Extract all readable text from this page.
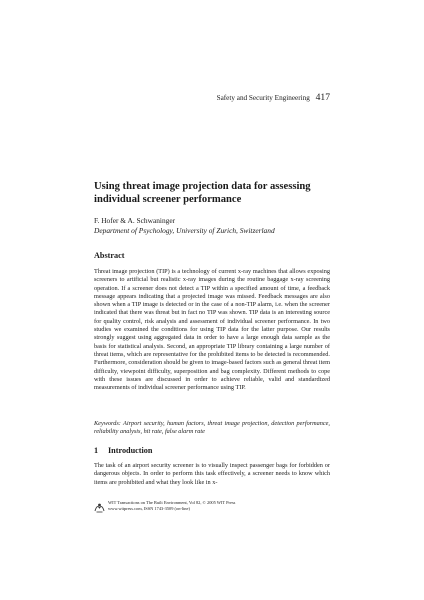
Safety and Security Engineering 417
Using threat image projection data for assessing individual screener performance

F. Hofer & A. Schwaninger

Department of Psychology, University of Zurich, Switzerland

Abstract

Threat image projection (TIP) is a technology of current x-ray machines that allows exposing screeners to artificial but realistic x-ray images during the routine baggage x-ray screening operation. If a screener does not detect a TIP within a specified amount of time, a feedback message appears indicating that a projected image was missed. Feedback messages are also shown when a TIP image is detected or in the case of a non-TIP alarm, i.e. when the screener indicated that there was threat but in fact no TIP was shown. TIP data is an interesting source for quality control, risk analysis and assessment of individual screener performance. In two studies we examined the conditions for using TIP data for the latter purpose. Our results strongly suggest using aggregated data in order to have a large enough data sample as the basis for statistical analysis. Second, an appropriate TIP library containing a large number of threat items, which are representative for the prohibited items to be detected is recommended. Furthermore, consideration should be given to image-based factors such as general threat item difficulty, viewpoint difficulty, superposition and bag complexity. Different methods to cope with these issues are discussed in order to achieve reliable, valid and standardized measurements of individual screener performance using TIP.

Keywords: Airport security, human factors, threat image projection, detection performance, reliability analysis, hit rate, false alarm rate

1 Introduction

The task of an airport security screener is to visually inspect passenger bags for forbidden or dangerous objects. In order to perform this task effectively, a screener needs to know which items are prohibited and what they look like in x-

WIT Transactions on The Built Environment, Vol 82, © 2005 WIT Press
www.witpress.com, ISSN 1743-3509 (on-line)
